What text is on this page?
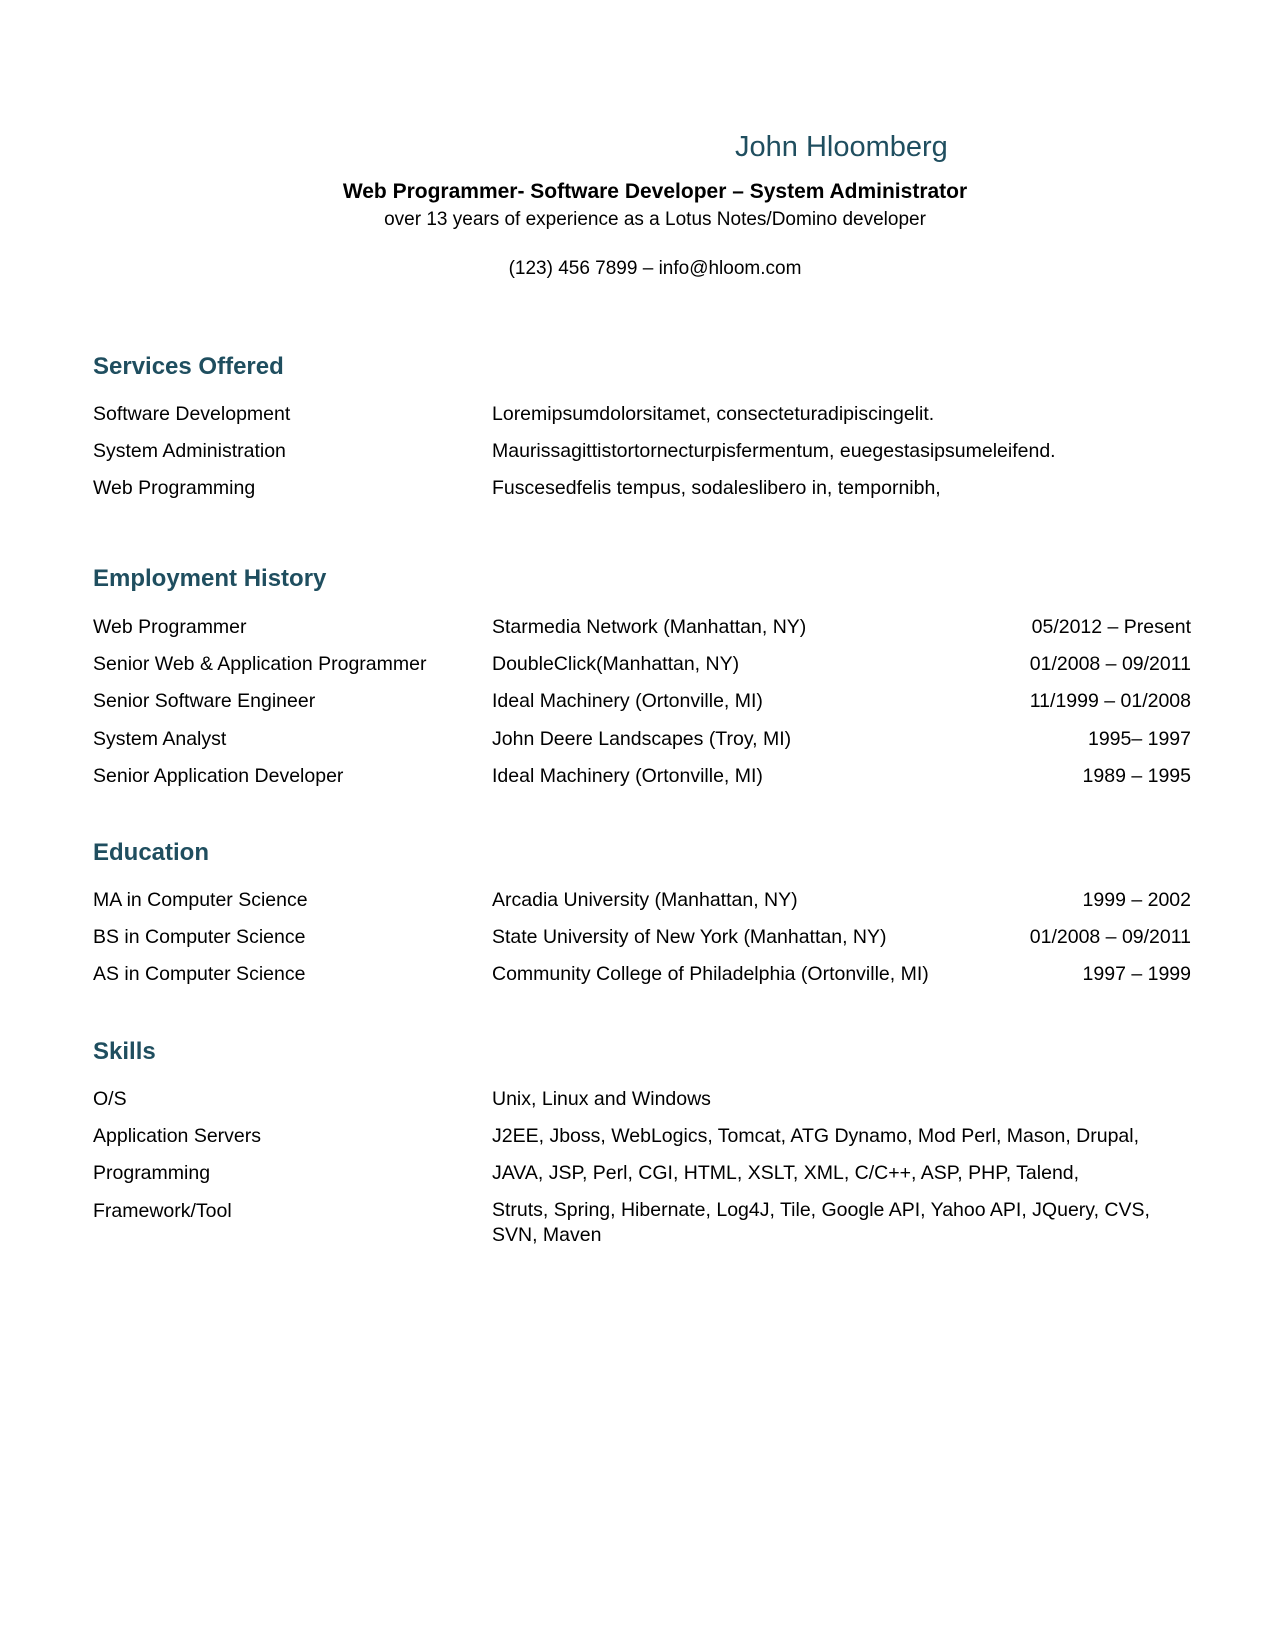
John Hloomberg
Web Programmer- Software Developer – System Administrator
over 13 years of experience as a Lotus Notes/Domino developer
(123) 456 7899 – info@hloom.com
Services Offered
Software Development	Loremipsumdolorsitamet, consecteturadipiscingelit.
System Administration	Maurissagittistortornecturpisfermentum, euegestasipsumeleifend.
Web Programming	Fuscesedfelis tempus, sodaleslibero in, tempornibh,
Employment History
Web Programmer	Starmedia Network (Manhattan, NY)	05/2012 – Present
Senior Web & Application Programmer	DoubleClick(Manhattan, NY)	01/2008 – 09/2011
Senior Software Engineer	Ideal Machinery (Ortonville, MI)	11/1999 – 01/2008
System Analyst	John Deere Landscapes (Troy, MI)	1995– 1997
Senior Application Developer	Ideal Machinery (Ortonville, MI)	1989 – 1995
Education
MA in Computer Science	Arcadia University (Manhattan, NY)	1999 – 2002
BS in Computer Science	State University of New York (Manhattan, NY)	01/2008 – 09/2011
AS in Computer Science	Community College of Philadelphia (Ortonville, MI)	1997 – 1999
Skills
O/S	Unix, Linux and Windows
Application Servers	J2EE, Jboss, WebLogics, Tomcat, ATG Dynamo, Mod Perl, Mason, Drupal,
Programming	JAVA, JSP, Perl, CGI, HTML, XSLT, XML, C/C++, ASP, PHP, Talend,
Framework/Tool	Struts, Spring, Hibernate, Log4J, Tile, Google API, Yahoo API, JQuery, CVS, SVN, Maven
